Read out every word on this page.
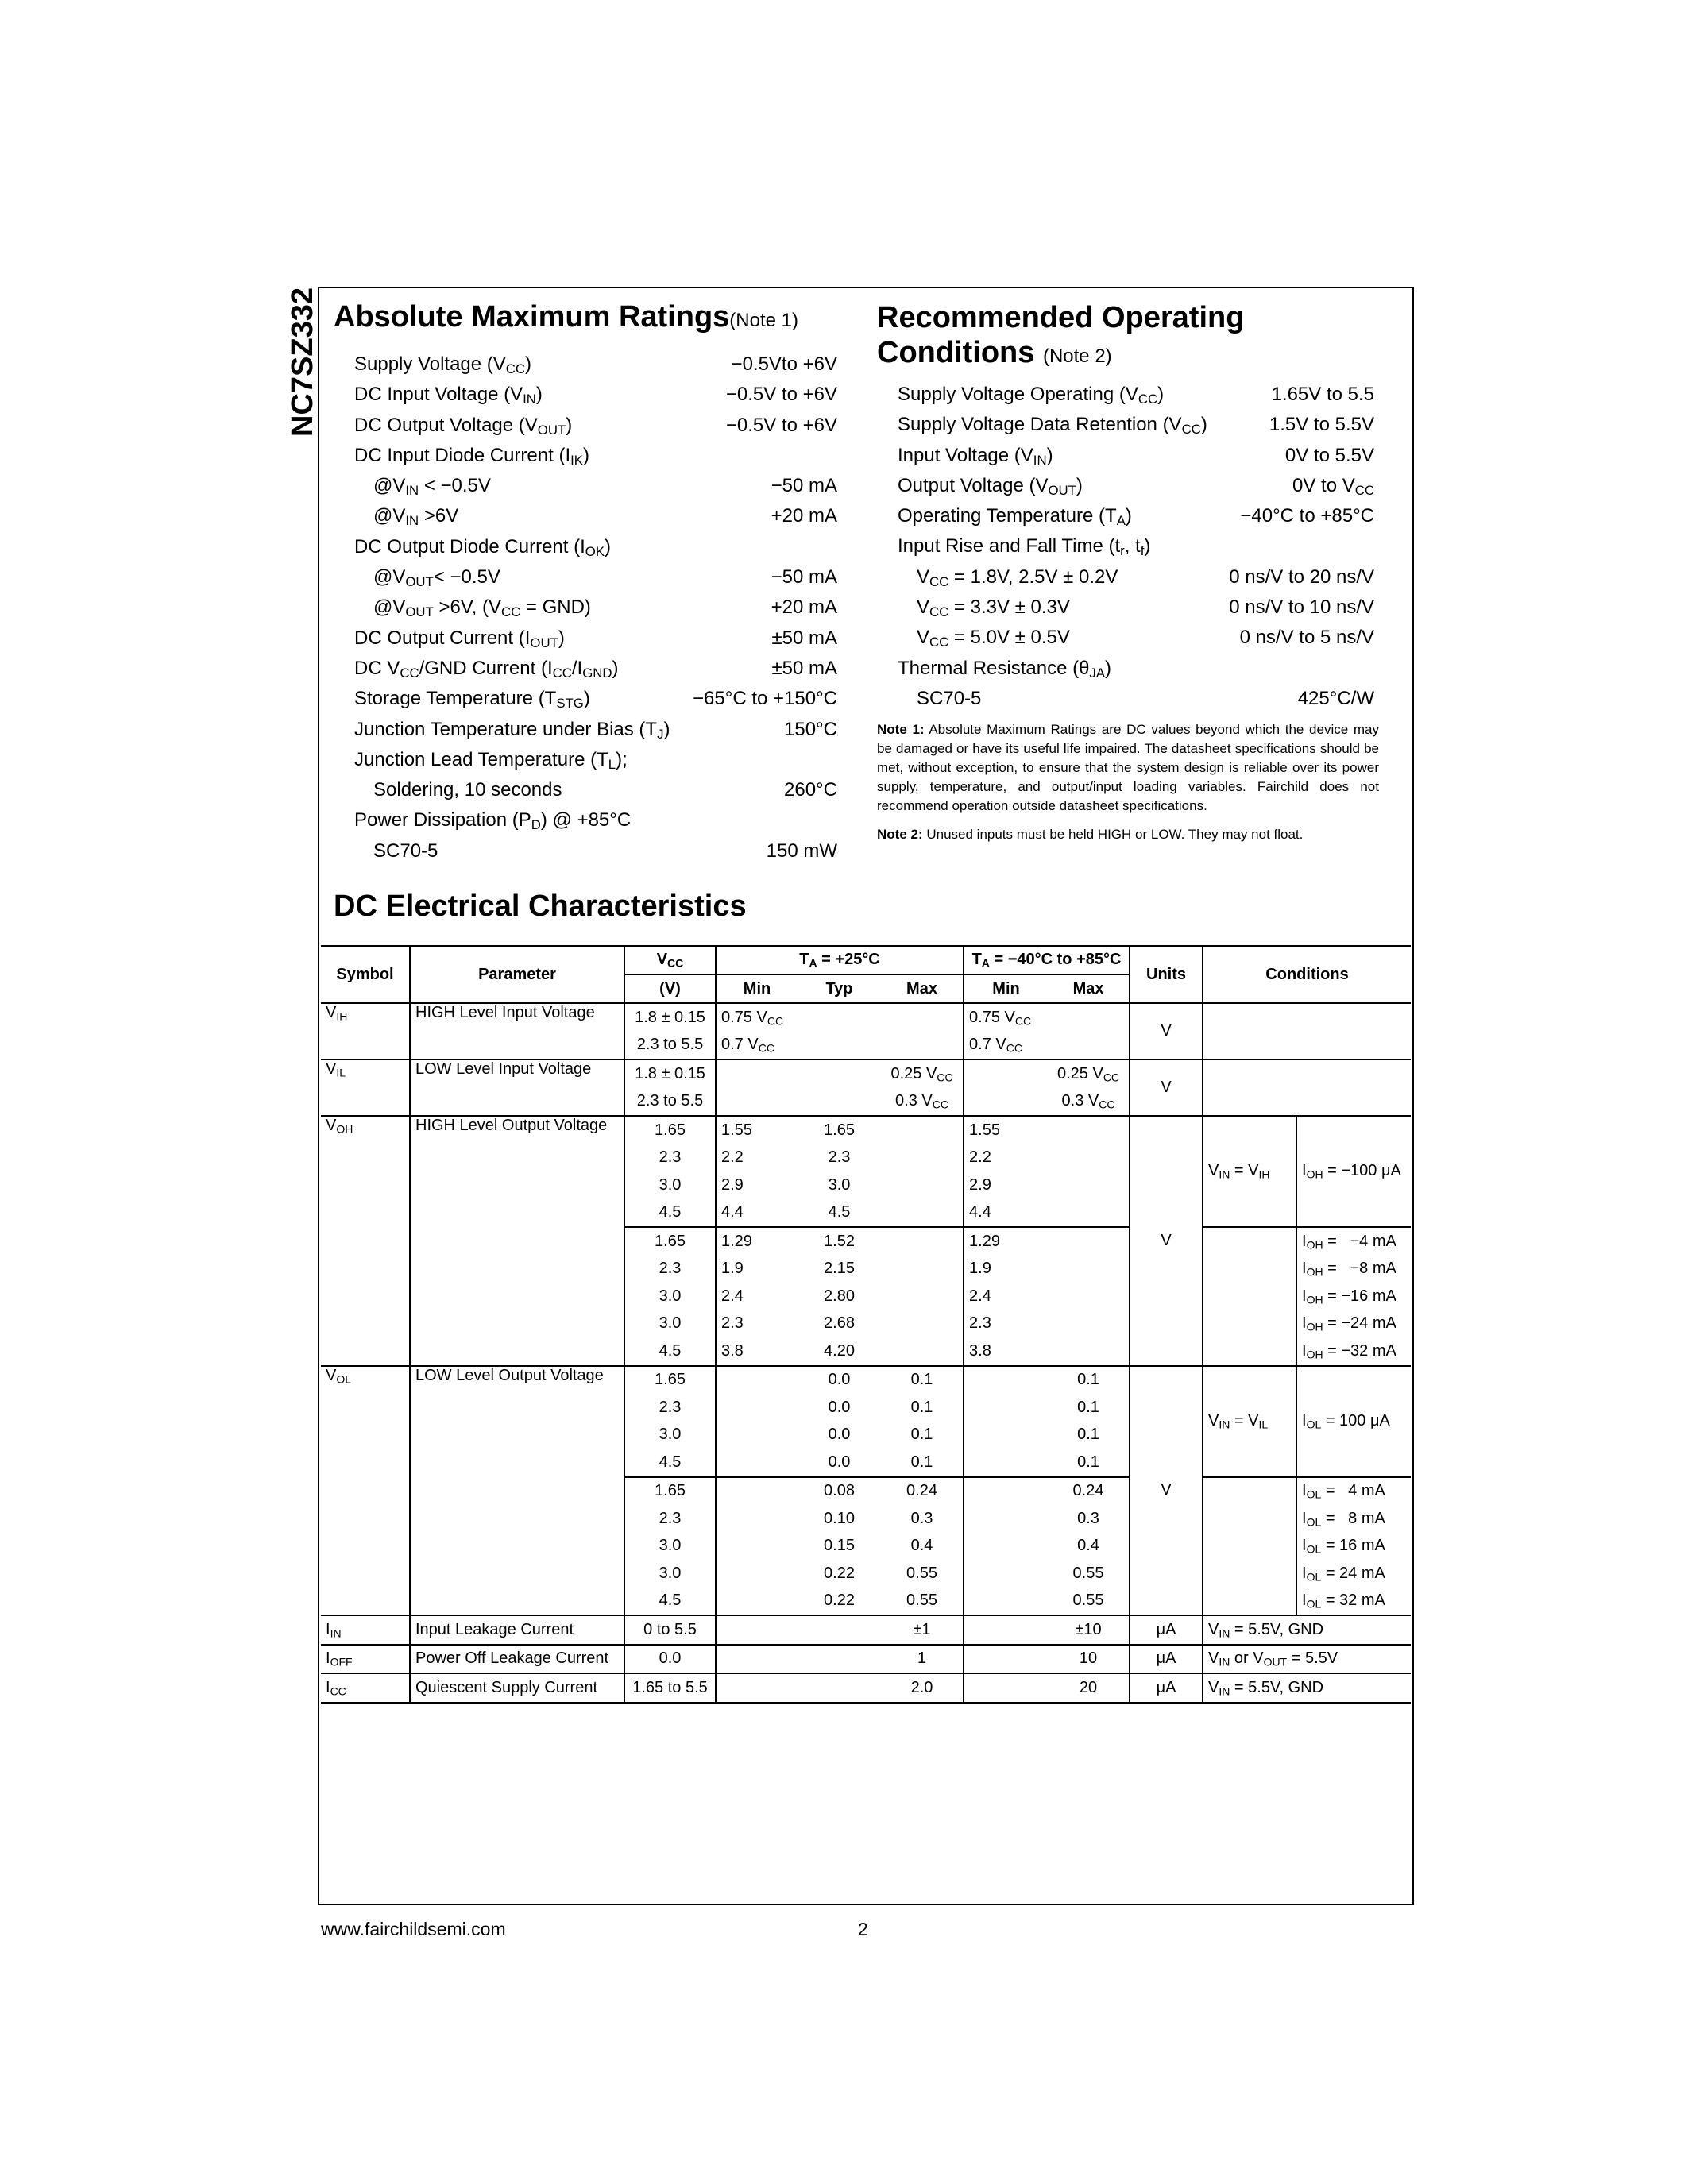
NC7SZ332 Absolute Maximum Ratings(Note 1)
Supply Voltage $(V_{CC})$	−0.5Vto +6V
DC Input Voltage $(V_{IN})$	−0.5V to +6V
DC Output Voltage $(V_{OUT})$	−0.5V to +6V
DC Input Diode Current $(I_{IK})$
$@V_{IN} < -0.5V$	−50 mA
$@V_{IN} >6V$	+20 mA
DC Output Diode Current $(I_{OK})$
$@V_{OUT}< -0.5V$	−50 mA
$@V_{OUT} >6V$, $(V_{CC} = GND)$	+20 mA
DC Output Current $(I_{OUT})$	±50 mA
DC $V_{CC}$/GND Current $(I_{CC}/I_{GND})$	±50 mA
Storage Temperature $(T_{STG})$	−65°C to +150°C
Junction Temperature under Bias $(T_J)$	150°C
Junction Lead Temperature $(T_L)$;
Soldering, 10 seconds	260°C
Power Dissipation $(P_D)$ @ +85°C
SC70-5	150 mW
Recommended Operating
Conditions (Note 2)
Supply Voltage Operating $(V_{CC})$	1.65V to 5.5
Supply Voltage Data Retention $(V_{CC})$	1.5V to 5.5V
Input Voltage $(V_{IN})$	0V to 5.5V
Output Voltage $(V_{OUT})$	0V to $V_{CC}$
Operating Temperature $(T_A)$	−40°C to +85°C
Input Rise and Fall Time ($t_r$, $t_f$)
$V_{CC} = 1.8V$, 2.5V ± 0.2V	0 ns/V to 20 ns/V
$V_{CC} = 3.3V \pm 0.3V$	0 ns/V to 10 ns/V
$V_{CC} = 5.0V \pm 0.5V$	0 ns/V to 5 ns/V
Thermal Resistance $(\theta_{JA})$
SC70-5	425°C/W

Note 1: Absolute Maximum Ratings are DC values beyond which the device may be damaged or have its useful life impaired. The datasheet specifications should be met, without exception, to ensure that the system design is reliable over its power supply, temperature, and output/input loading variables. Fairchild does not recommend operation outside datasheet specifications.

Note 2: Unused inputs must be held HIGH or LOW. They may not float.

DC Electrical Characteristics
Symbol	Parameter	$V_{CC}$	$T_A = +25^\circ C$			$T_A = -40^\circ C$ to +85°C		Units	Conditions	
		(V)	Min	Typ	Max	Min	Max			
$V_{IH}$	HIGH Level Input Voltage	1.8 ± 0.15	0.75 $V_{CC}$			0.75 $V_{CC}$		V		
		2.3 to 5.5	0.7 $V_{CC}$			0.7 $V_{CC}$	
$V_{IL}$	LOW Level Input Voltage	1.8 ± 0.15			0.25 $V_{CC}$		0.25 $V_{CC}$	V		
		2.3 to 5.5			0.3 $V_{CC}$		0.3 $V_{CC}$
$V_{OH}$	HIGH Level Output Voltage	1.65	1.55	1.65		1.55		V	$V_{IN} = V_{IH}$	$I_{OH} = -100$ μA
		2.3	2.2	2.3		2.2				
		3.0	2.9	3.0		2.9				
		4.5	4.4	4.5		4.4				
		1.65	1.29	1.52		1.29				$I_{OH} = -4$ mA
		2.3	1.9	2.15		1.9				$I_{OH} = -8$ mA
		3.0	2.4	2.80		2.4				$I_{OH} = -16$ mA
		3.0	2.3	2.68		2.3				$I_{OH} = -24$ mA
		4.5	3.8	4.20		3.8				$I_{OH} = -32$ mA
$V_{OL}$	LOW Level Output Voltage	1.65		0.0	0.1		0.1	V	$V_{IN} = V_{IL}$	$I_{OL} = 100$ μA
		2.3		0.0	0.1		0.1			
		3.0		0.0	0.1		0.1			
		4.5		0.0	0.1		0.1			
		1.65		0.08	0.24		0.24			$I_{OL} = 4$ mA
		2.3		0.10	0.3		0.3			$I_{OL} = 8$ mA
		3.0		0.15	0.4		0.4			$I_{OL} = 16$ mA
		3.0		0.22	0.55		0.55			$I_{OL} = 24$ mA
		4.5		0.22	0.55		0.55			$I_{OL} = 32$ mA
$I_{IN}$	Input Leakage Current	0 to 5.5			±1		±10	μA	$V_{IN} = 5.5V$, GND	
$I_{OFF}$	Power Off Leakage Current	0.0			1		10	μA	$V_{IN}$ or $V_{OUT} = 5.5V$	
$I_{CC}$	Quiescent Supply Current	1.65 to 5.5			2.0		20	μA	$V_{IN} = 5.5V$, GND	
www.fairchildsemi.com	2
